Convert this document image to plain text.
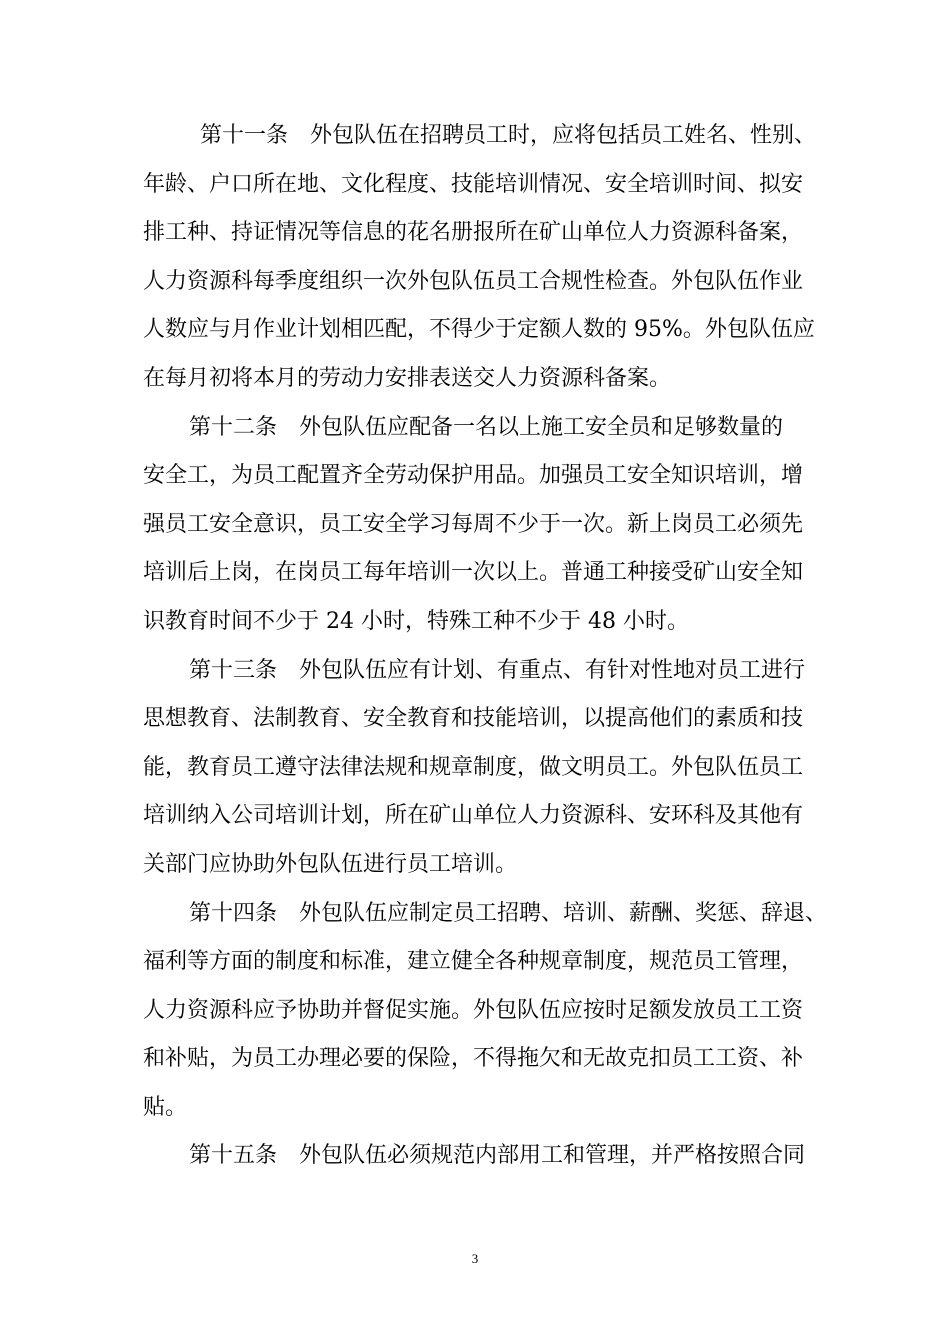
第十一条　外包队伍在招聘员工时，应将包括员工姓名、性别、
年龄、户口所在地、文化程度、技能培训情况、安全培训时间、拟安
排工种、持证情况等信息的花名册报所在矿山单位人力资源科备案，
人力资源科每季度组织一次外包队伍员工合规性检查。外包队伍作业
人数应与月作业计划相匹配，不得少于定额人数的 95%。外包队伍应
在每月初将本月的劳动力安排表送交人力资源科备案。
第十二条　外包队伍应配备一名以上施工安全员和足够数量的
安全工，为员工配置齐全劳动保护用品。加强员工安全知识培训，增
强员工安全意识，员工安全学习每周不少于一次。新上岗员工必须先
培训后上岗，在岗员工每年培训一次以上。普通工种接受矿山安全知
识教育时间不少于 24 小时，特殊工种不少于 48 小时。
第十三条　外包队伍应有计划、有重点、有针对性地对员工进行
思想教育、法制教育、安全教育和技能培训，以提高他们的素质和技
能，教育员工遵守法律法规和规章制度，做文明员工。外包队伍员工
培训纳入公司培训计划，所在矿山单位人力资源科、安环科及其他有
关部门应协助外包队伍进行员工培训。
第十四条　外包队伍应制定员工招聘、培训、薪酬、奖惩、辞退、
福利等方面的制度和标准，建立健全各种规章制度，规范员工管理，
人力资源科应予协助并督促实施。外包队伍应按时足额发放员工工资
和补贴，为员工办理必要的保险，不得拖欠和无故克扣员工工资、补
贴。
第十五条　外包队伍必须规范内部用工和管理，并严格按照合同
3
